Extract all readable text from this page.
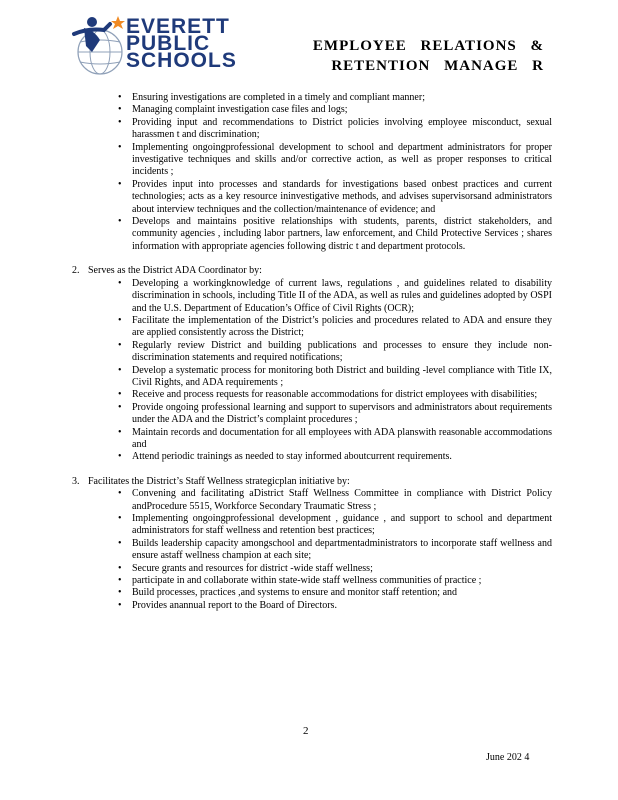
EVERETT
PUBLIC
SCHOOLS
EMPLOYEE RELATIONS &
RETENTION MANAGE R
• Ensuring investigations are completed in a timely and compliant manner;
• Managing complaint investigation case files and logs;
• Providing input and recommendations to District policies involving employee misconduct, sexual harassmen t and discrimination;
• Implementing ongoingprofessional development to school and department administrators for proper investigative techniques and skills and/or corrective action, as well as proper responses to critical incidents ;
• Provides input into processes and standards for investigations based onbest practices and current technologies; acts as a key resource ininvestigative methods, and advises supervisorsand administrators about interview techniques and the collection/maintenance of evidence; and
• Develops and maintains positive relationships with students, parents, district stakeholders, and community agencies , including labor partners, law enforcement, and Child Protective Services ; shares information with appropriate agencies following distric t and department protocols.
2. Serves as the District ADA Coordinator by:
• Developing a workingknowledge of current laws, regulations , and guidelines related to disability discrimination in schools, including Title II of the ADA, as well as rules and guidelines adopted by OSPI and the U.S. Department of Education’s Office of Civil Rights (OCR);
• Facilitate the implementation of the District’s policies and procedures related to ADA and ensure they are applied consistently across the District;
• Regularly review District and building publications and processes to ensure they include non-discrimination statements and required notifications;
• Develop a systematic process for monitoring both District and building -level compliance with Title IX, Civil Rights, and ADA requirements ;
• Receive and process requests for reasonable accommodations for district employees with disabilities;
• Provide ongoing professional learning and support to supervisors and administrators about requirements under the ADA and the District’s complaint procedures ;
• Maintain records and documentation for all employees with ADA planswith reasonable accommodations and
• Attend periodic trainings as needed to stay informed aboutcurrent requirements.
3. Facilitates the District’s Staff Wellness strategicplan initiative by:
• Convening and facilitating aDistrict Staff Wellness Committee in compliance with District Policy andProcedure 5515, Workforce Secondary Traumatic Stress ;
• Implementing ongoingprofessional development , guidance , and support to school and department administrators for staff wellness and retention best practices;
• Builds leadership capacity amongschool and departmentadministrators to incorporate staff wellness and ensure astaff wellness champion at each site;
• Secure grants and resources for district -wide staff wellness;
• participate in and collaborate within state-wide staff wellness communities of practice ;
• Build processes, practices ,and systems to ensure and monitor staff retention; and
• Provides anannual report to the Board of Directors.
2
June 202 4
